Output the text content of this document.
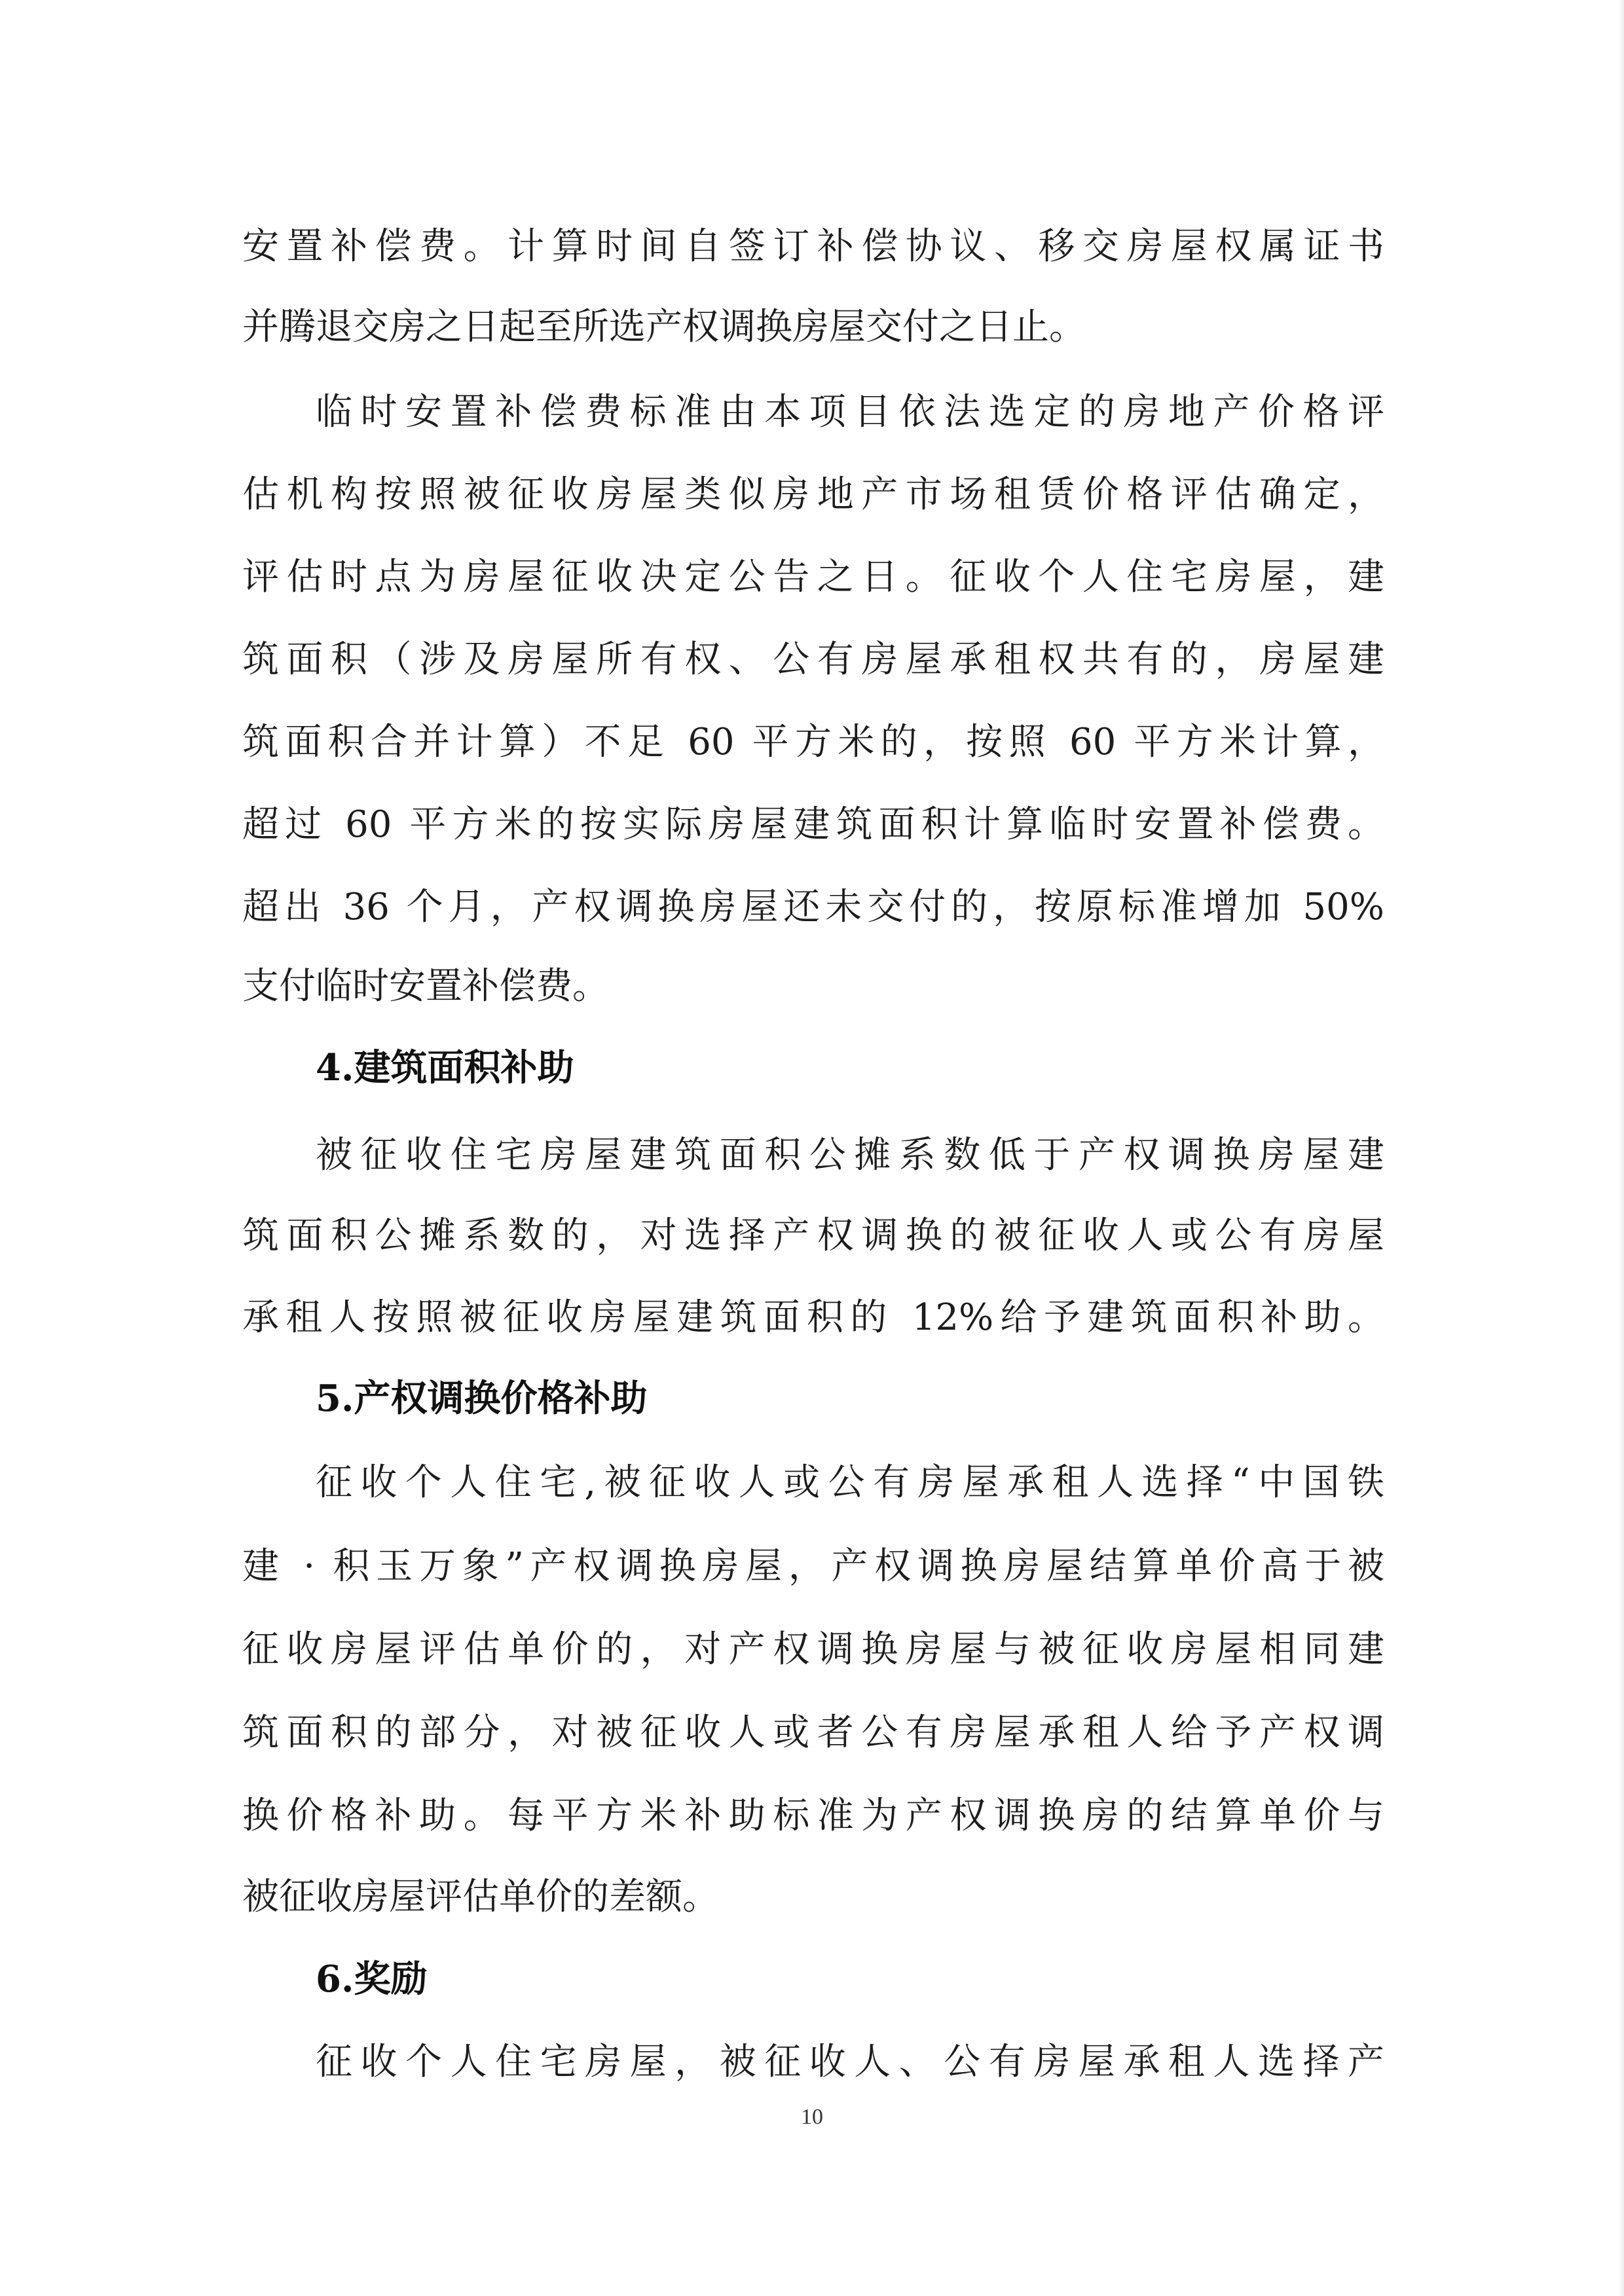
安置补偿费。计算时间自签订补偿协议、移交房屋权属证书
并腾退交房之日起至所选产权调换房屋交付之日止。
临时安置补偿费标准由本项目依法选定的房地产价格评
估机构按照被征收房屋类似房地产市场租赁价格评估确定，
评估时点为房屋征收决定公告之日。征收个人住宅房屋，建
筑面积（涉及房屋所有权、公有房屋承租权共有的，房屋建
筑面积合并计算）不足 60 平方米的，按照 60 平方米计算，
超过 60 平方米的按实际房屋建筑面积计算临时安置补偿费。
超出 36 个月，产权调换房屋还未交付的，按原标准增加 50%
支付临时安置补偿费。
4.建筑面积补助
被征收住宅房屋建筑面积公摊系数低于产权调换房屋建
筑面积公摊系数的，对选择产权调换的被征收人或公有房屋
承租人按照被征收房屋建筑面积的 12%给予建筑面积补助。
5.产权调换价格补助
征收个人住宅,被征收人或公有房屋承租人选择“中国铁
建 · 积玉万象”产权调换房屋，产权调换房屋结算单价高于被
征收房屋评估单价的，对产权调换房屋与被征收房屋相同建
筑面积的部分，对被征收人或者公有房屋承租人给予产权调
换价格补助。每平方米补助标准为产权调换房的结算单价与
被征收房屋评估单价的差额。
6.奖励
征收个人住宅房屋，被征收人、公有房屋承租人选择产
10
